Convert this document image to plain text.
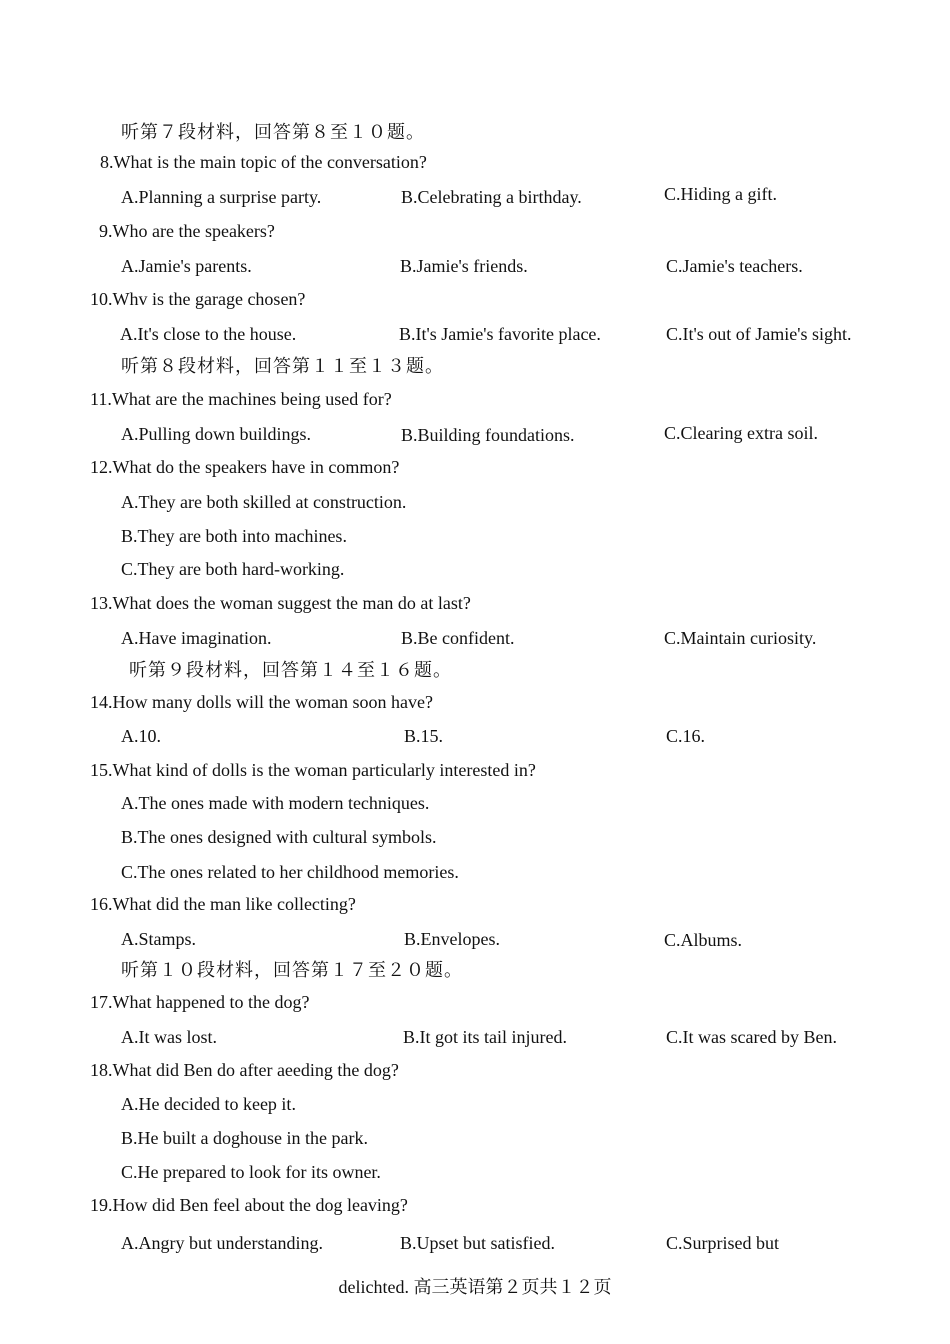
听第７段材料，回答第８至１０题。
8.What is the main topic of the conversation?
A.Planning a surprise party.	B.Celebrating a birthday.	C.Hiding a gift.
9.Who are the speakers?
A.Jamie's parents.	B.Jamie's friends.	C.Jamie's teachers.
10.Whv is the garage chosen?
A.It's close to the house.	B.It's Jamie's favorite place.	C.It's out of Jamie's sight.
听第８段材料，回答第１１至１３题。
11.What are the machines being used for?
A.Pulling down buildings.	B.Building foundations.	C.Clearing extra soil.
12.What do the speakers have in common?
A.They are both skilled at construction.
B.They are both into machines.
C.They are both hard-working.
13.What does the woman suggest the man do at last?
A.Have imagination.	B.Be confident.	C.Maintain curiosity.
听第９段材料，回答第１４至１６题。
14.How many dolls will the woman soon have?
A.10.	B.15.	C.16.
15.What kind of dolls is the woman particularly interested in?
A.The ones made with modern techniques.
B.The ones designed with cultural symbols.
C.The ones related to her childhood memories.
16.What did the man like collecting?
A.Stamps.	B.Envelopes.	C.Albums.
听第１０段材料，回答第１７至２０题。
17.What happened to the dog?
A.It was lost.	B.It got its tail injured.	C.It was scared by Ben.
18.What did Ben do after aeeding the dog?
A.He decided to keep it.
B.He built a doghouse in the park.
C.He prepared to look for its owner.
19.How did Ben feel about the dog leaving?
A.Angry but understanding.	B.Upset but satisfied.	C.Surprised but
delichted. 高三英语第２页共１２页
